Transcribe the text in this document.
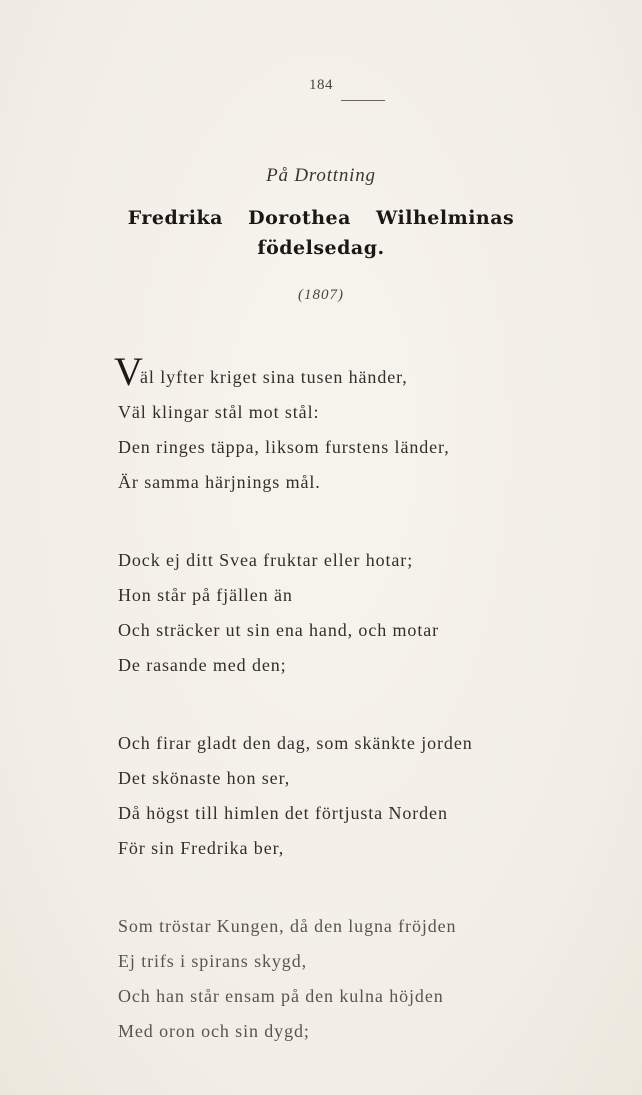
184
På Drottning
Fredrika Dorothea Wilhelminas
födelsedag.
(1807)
V
äl lyfter kriget sina tusen händer,
Väl klingar stål mot stål:
Den ringes täppa, liksom furstens länder,
Är samma härjnings mål.
Dock ej ditt Svea fruktar eller hotar;
Hon står på fjällen än
Och sträcker ut sin ena hand, och motar
De rasande med den;
Och firar gladt den dag, som skänkte jorden
Det skönaste hon ser,
Då högst till himlen det förtjusta Norden
För sin Fredrika ber,
Som tröstar Kungen, då den lugna fröjden
Ej trifs i spirans skygd,
Och han står ensam på den kulna höjden
Med oron och sin dygd;
